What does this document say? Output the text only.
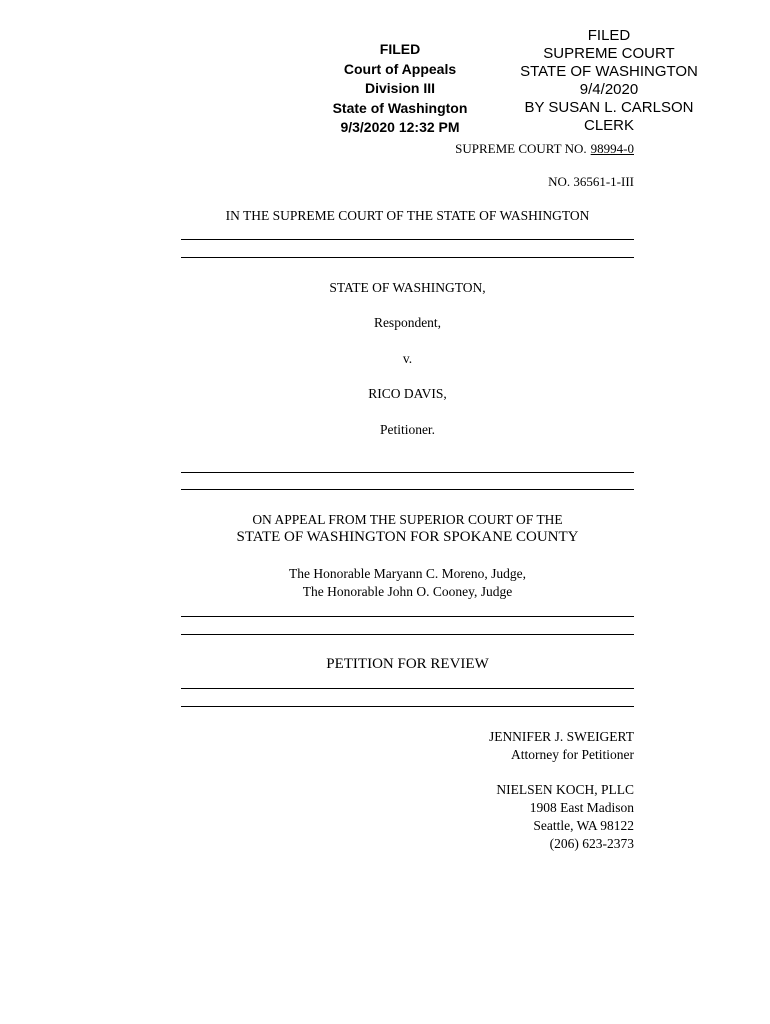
FILED
Court of Appeals
Division III
State of Washington
9/3/2020 12:32 PM
FILED
SUPREME COURT
STATE OF WASHINGTON
9/4/2020
BY SUSAN L. CARLSON
CLERK
SUPREME COURT NO. 98994-0
NO. 36561-1-III
IN THE SUPREME COURT OF THE STATE OF WASHINGTON
STATE OF WASHINGTON,
Respondent,
v.
RICO DAVIS,
Petitioner.
ON APPEAL FROM THE SUPERIOR COURT OF THE
STATE OF WASHINGTON FOR SPOKANE COUNTY
The Honorable Maryann C. Moreno, Judge,
The Honorable John O. Cooney, Judge
PETITION FOR REVIEW
JENNIFER J. SWEIGERT
Attorney for Petitioner
NIELSEN KOCH, PLLC
1908 East Madison
Seattle, WA 98122
(206) 623-2373
